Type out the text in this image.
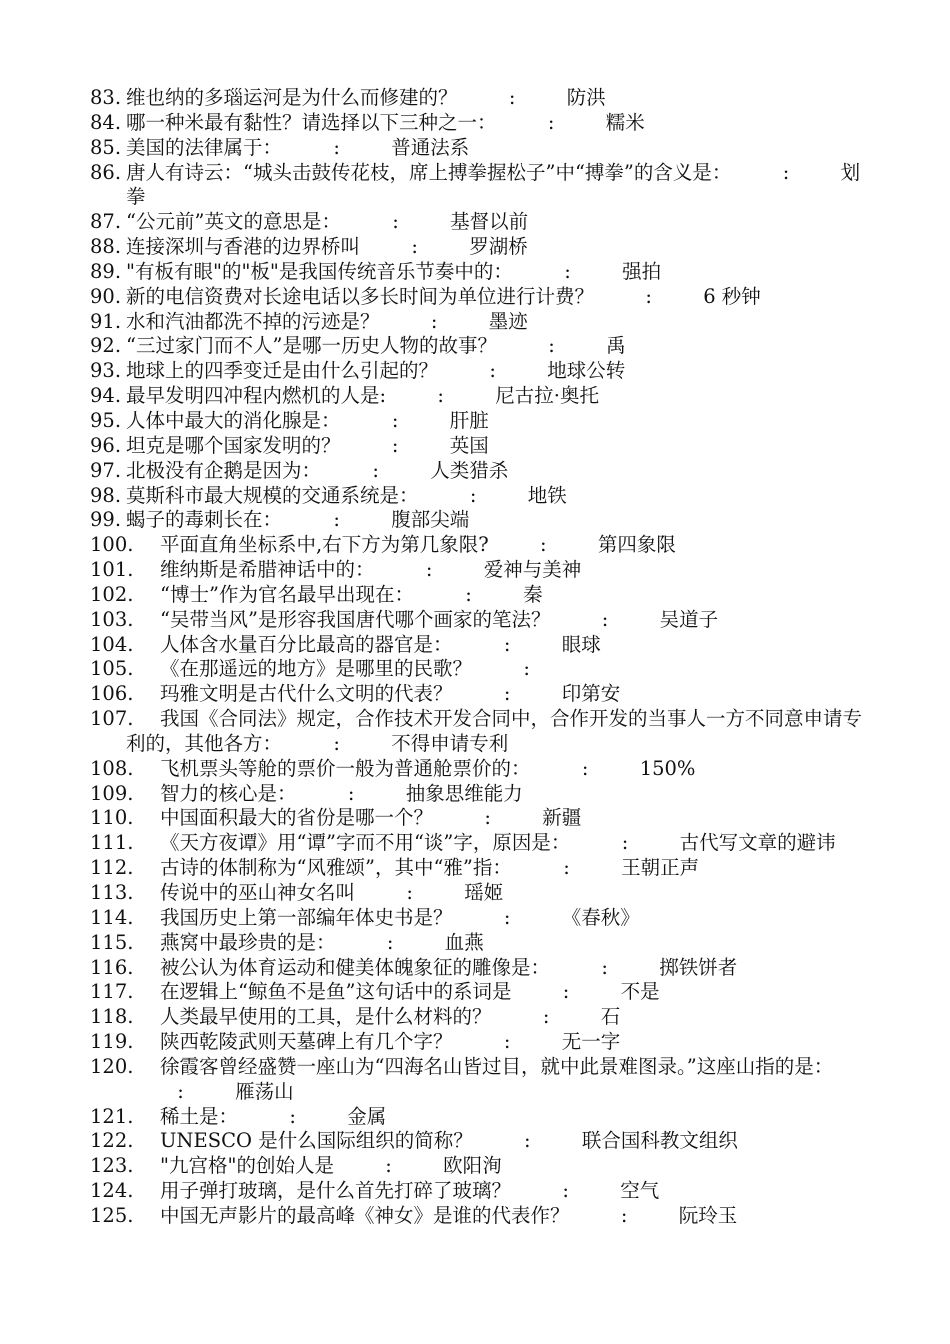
83. 维也纳的多瑙运河是为什么而修建的？	:	防洪
84. 哪一种米最有黏性？请选择以下三种之一：	:	糯米
85. 美国的法律属于：	:	普通法系
86. 唐人有诗云：“城头击鼓传花枝，席上搏拳握松子”中“搏拳”的含义是：	:	划拳
87. “公元前”英文的意思是：	:	基督以前
88. 连接深圳与香港的边界桥叫	:	罗湖桥
89. "有板有眼"的"板"是我国传统音乐节奏中的：	:	强拍
90. 新的电信资费对长途电话以多长时间为单位进行计费？	:	6 秒钟
91. 水和汽油都洗不掉的污迹是？	:	墨迹
92. “三过家门而不人”是哪一历史人物的故事？	:	禹
93. 地球上的四季变迁是由什么引起的？	:	地球公转
94. 最早发明四冲程内燃机的人是:	:	尼古拉·奥托
95. 人体中最大的消化腺是：	:	肝脏
96. 坦克是哪个国家发明的？	:	英国
97. 北极没有企鹅是因为：	:	人类猎杀
98. 莫斯科市最大规模的交通系统是：	:	地铁
99. 蝎子的毒刺长在：	:	腹部尖端
100. 平面直角坐标系中,右下方为第几象限?	:	第四象限
101. 维纳斯是希腊神话中的：	:	爱神与美神
102. “博士”作为官名最早出现在：	:	秦
103. “吴带当风”是形容我国唐代哪个画家的笔法？	:	吴道子
104. 人体含水量百分比最高的器官是：	:	眼球
105. 《在那遥远的地方》是哪里的民歌？	:
106. 玛雅文明是古代什么文明的代表？	:	印第安
107. 我国《合同法》规定，合作技术开发合同中，合作开发的当事人一方不同意申请专利的，其他各方：	:	不得申请专利
108. 飞机票头等舱的票价一般为普通舱票价的：	:	150%
109. 智力的核心是：	:	抽象思维能力
110. 中国面积最大的省份是哪一个？	:	新疆
111. 《天方夜谭》用“谭”字而不用“谈”字，原因是：	:	古代写文章的避讳
112. 古诗的体制称为“风雅颂”，其中“雅”指：	:	王朝正声
113. 传说中的巫山神女名叫	:	瑶姬
114. 我国历史上第一部编年体史书是？	:	《春秋》
115. 燕窝中最珍贵的是：	:	血燕
116. 被公认为体育运动和健美体魄象征的雕像是：	:	掷铁饼者
117. 在逻辑上“鲸鱼不是鱼”这句话中的系词是	:	不是
118. 人类最早使用的工具，是什么材料的？	:	石
119. 陕西乾陵武则天墓碑上有几个字？	:	无一字
120. 徐霞客曾经盛赞一座山为“四海名山皆过目，就中此景难图录。”这座山指的是：:	雁荡山
121. 稀土是：	:	金属
122. UNESCO 是什么国际组织的简称？	:	联合国科教文组织
123. "九宫格"的创始人是	:	欧阳洵
124. 用子弹打玻璃，是什么首先打碎了玻璃？	:	空气
125. 中国无声影片的最高峰《神女》是谁的代表作？	:	阮玲玉
